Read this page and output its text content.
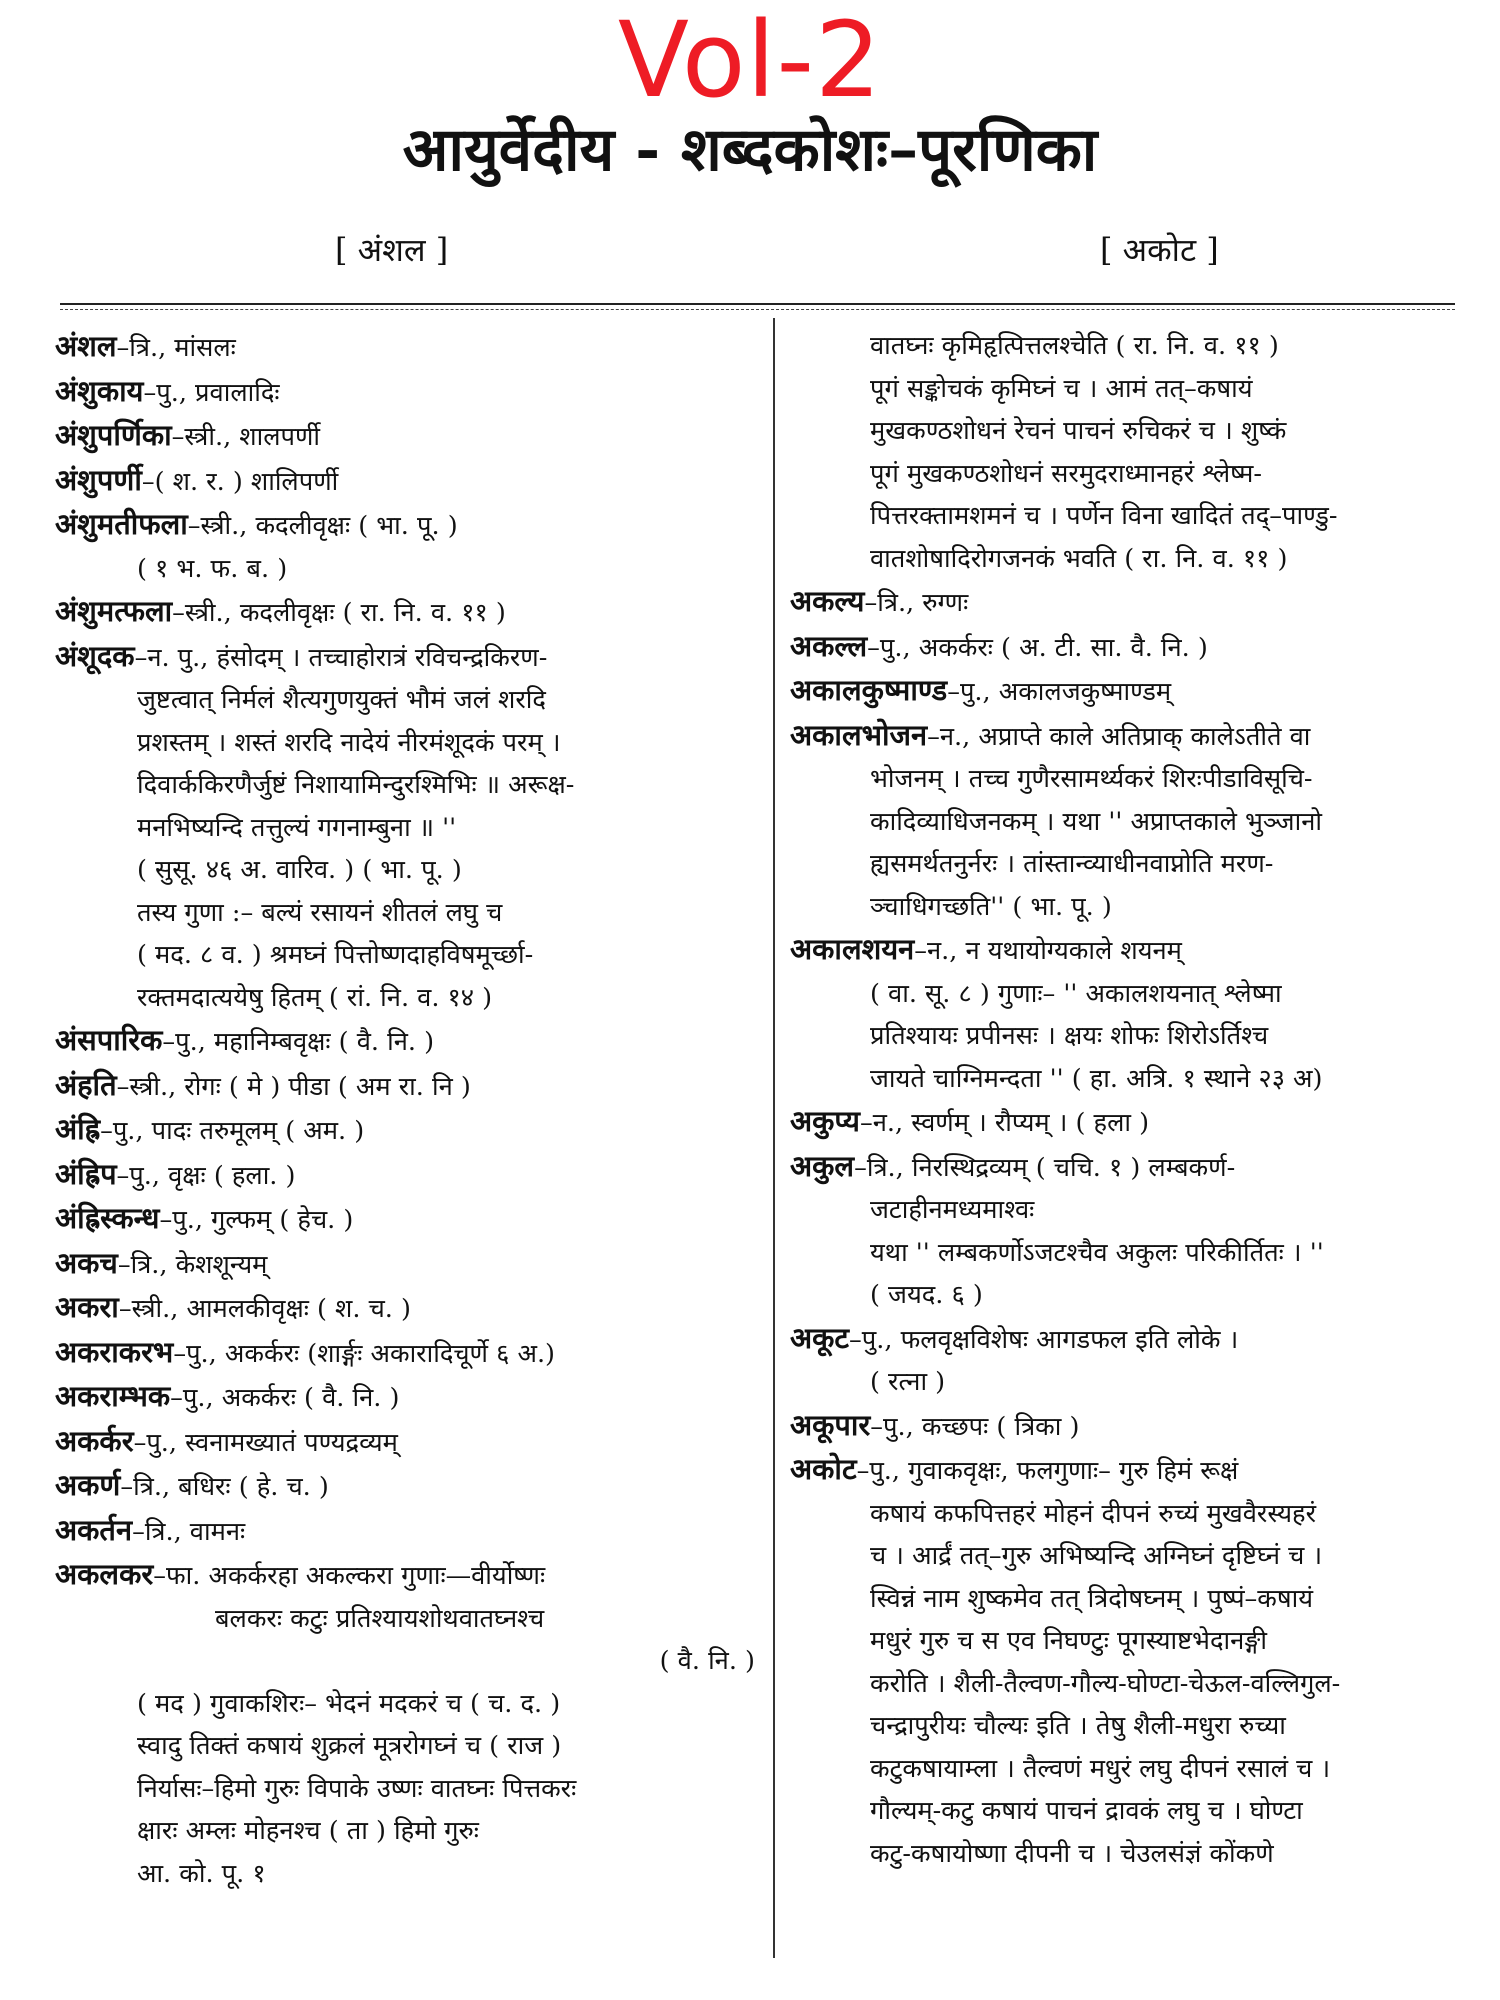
Vol-2
आयुर्वेदीय - शब्दकोशः–पूरणिका
[ अंशल ]	[ अकोट ]

अंशल–त्रि., मांसलः

अंशुकाय–पु., प्रवालादिः

अंशुपर्णिका–स्त्री., शालपर्णी

अंशुपर्णी–( श. र. ) शालिपर्णी

अंशुमतीफला–स्त्री., कदलीवृक्षः ( भा. पू. )

( १ भ. फ. ब. )

अंशुमत्फला–स्त्री., कदलीवृक्षः ( रा. नि. व. ११ )

अंशूदक–न. पु., हंसोदम् । तच्चाहोरात्रं रविचन्द्रकिरण-

जुष्टत्वात् निर्मलं शैत्यगुणयुक्तं भौमं जलं शरदि

प्रशस्तम् । शस्तं शरदि नादेयं नीरमंशूदकं परम् ।

दिवार्ककिरणैर्जुष्टं निशायामिन्दुरश्मिभिः ॥ अरूक्ष-

मनभिष्यन्दि तत्तुल्यं गगनाम्बुना ॥ ''

( सुसू. ४६ अ. वारिव. ) ( भा. पू. )

तस्य गुणा :– बल्यं रसायनं शीतलं लघु च

( मद. ८ व. ) श्रमघ्नं पित्तोष्णदाहविषमूर्च्छा-

रक्तमदात्ययेषु हितम् ( रां. नि. व. १४ )

अंसपारिक–पु., महानिम्बवृक्षः ( वै. नि. )

अंहति–स्त्री., रोगः ( मे ) पीडा ( अम रा. नि )

अंह्रि–पु., पादः तरुमूलम् ( अम. )

अंह्रिप–पु., वृक्षः ( हला. )

अंह्रिस्कन्ध–पु., गुल्फम् ( हेच. )

अकच–त्रि., केशशून्यम्

अकरा–स्त्री., आमलकीवृक्षः ( श. च. )

अकराकरभ–पु., अकर्करः (शार्ङ्गः अकारादिचूर्णे ६ अ.)

अकराम्भक–पु., अकर्करः ( वै. नि. )

अकर्कर–पु., स्वनामख्यातं पण्यद्रव्यम्

अकर्ण–त्रि., बधिरः ( हे. च. )

अकर्तन–त्रि., वामनः

अकलकर–फा. अकर्करहा अकल्करा गुणाः—वीर्योष्णः

बलकरः कटुः प्रतिश्यायशोथवातघ्नश्च

( वै. नि. )

( मद ) गुवाकशिरः– भेदनं मदकरं च ( च. द. )

स्वादु तिक्तं कषायं शुक्रलं मूत्ररोगघ्नं च ( राज )

निर्यासः–हिमो गुरुः विपाके उष्णः वातघ्नः पित्तकरः

क्षारः अम्लः मोहनश्च ( ता ) हिमो गुरुः

आ. को. पू. १

वातघ्नः कृमिहृत्पित्तलश्चेति ( रा. नि. व. ११ )

पूगं सङ्कोचकं कृमिघ्नं च । आमं तत्–कषायं

मुखकण्ठशोधनं रेचनं पाचनं रुचिकरं च । शुष्कं

पूगं मुखकण्ठशोधनं सरमुदराध्मानहरं श्लेष्म-

पित्तरक्तामशमनं च । पर्णेन विना खादितं तद्–पाण्डु-

वातशोषादिरोगजनकं भवति ( रा. नि. व. ११ )

अकल्य–त्रि., रुग्णः

अकल्ल–पु., अकर्करः ( अ. टी. सा. वै. नि. )

अकालकुष्माण्ड–पु., अकालजकुष्माण्डम्

अकालभोजन–न., अप्राप्ते काले अतिप्राक् कालेऽतीते वा

भोजनम् । तच्च गुणैरसामर्थ्यकरं शिरःपीडाविसूचि-

कादिव्याधिजनकम् । यथा '' अप्राप्तकाले भुञ्जानो

ह्यसमर्थतनुर्नरः । तांस्तान्व्याधीनवाप्नोति मरण-

ञ्चाधिगच्छति'' ( भा. पू. )

अकालशयन–न., न यथायोग्यकाले शयनम्

( वा. सू. ८ ) गुणाः– '' अकालशयनात् श्लेष्मा

प्रतिश्यायः प्रपीनसः । क्षयः शोफः शिरोऽर्तिश्च

जायते चाग्निमन्दता '' ( हा. अत्रि. १ स्थाने २३ अ)

अकुप्य–न., स्वर्णम् । रौप्यम् । ( हला )

अकुल–त्रि., निरस्थिद्रव्यम् ( चचि. १ ) लम्बकर्ण-

जटाहीनमध्यमाश्वः

यथा '' लम्बकर्णोऽजटश्चैव अकुलः परिकीर्तितः । ''

( जयद. ६ )

अकूट–पु., फलवृक्षविशेषः आगडफल इति लोके ।

( रत्ना )

अकूपार–पु., कच्छपः ( त्रिका )

अकोट–पु., गुवाकवृक्षः, फलगुणाः– गुरु हिमं रूक्षं

कषायं कफपित्तहरं मोहनं दीपनं रुच्यं मुखवैरस्यहरं

च । आर्द्रं तत्–गुरु अभिष्यन्दि अग्निघ्नं दृष्टिघ्नं च ।

स्विन्नं नाम शुष्कमेव तत् त्रिदोषघ्नम् । पुष्पं–कषायं

मधुरं गुरु च स एव निघण्टुः पूगस्याष्टभेदानङ्गी

करोति । शैली-तैल्वण-गौल्य-घोण्टा-चेऊल-वल्लिगुल-

चन्द्रापुरीयः चौल्यः इति । तेषु शैली-मधुरा रुच्या

कटुकषायाम्ला । तैल्वणं मधुरं लघु दीपनं रसालं च ।

गौल्यम्-कटु कषायं पाचनं द्रावकं लघु च । घोण्टा

कटु-कषायोष्णा दीपनी च । चेउलसंज्ञं कोंकणे
